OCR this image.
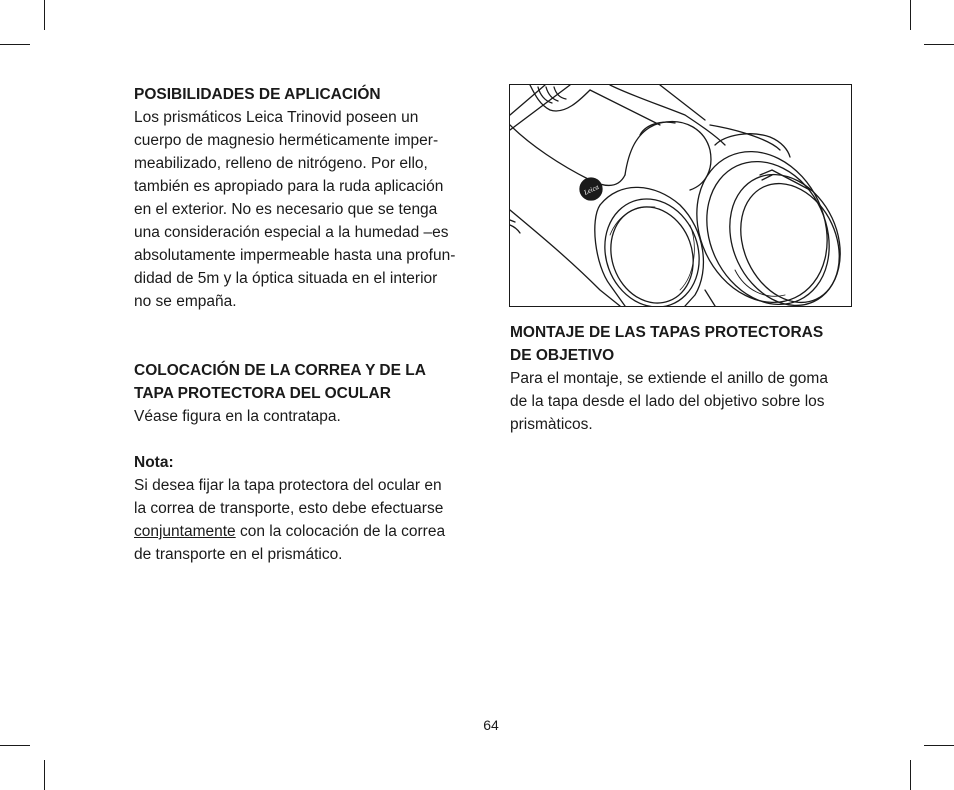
POSIBILIDADES DE APLICACIÓN
Los prismáticos Leica Trinovid poseen un
cuerpo de magnesio herméticamente imper-
meabilizado, relleno de nitrógeno. Por ello,
también es apropiado para la ruda aplicación
en el exterior. No es necesario que se tenga
una consideración especial a la humedad –es
absolutamente impermeable hasta una profun-
didad de 5m y la óptica situada en el interior
no se empaña.
COLOCACIÓN DE LA CORREA Y DE LA
TAPA PROTECTORA DEL OCULAR
Véase figura en la contratapa.
Nota:
Si desea fijar la tapa protectora del ocular en
la correa de transporte, esto debe efectuarse
conjuntamente con la colocación de la correa
de transporte en el prismático.
Leica
MONTAJE DE LAS TAPAS PROTECTORAS
DE OBJETIVO
Para el montaje, se extiende el anillo de goma
de la tapa desde el lado del objetivo sobre los
prismàticos.
64
